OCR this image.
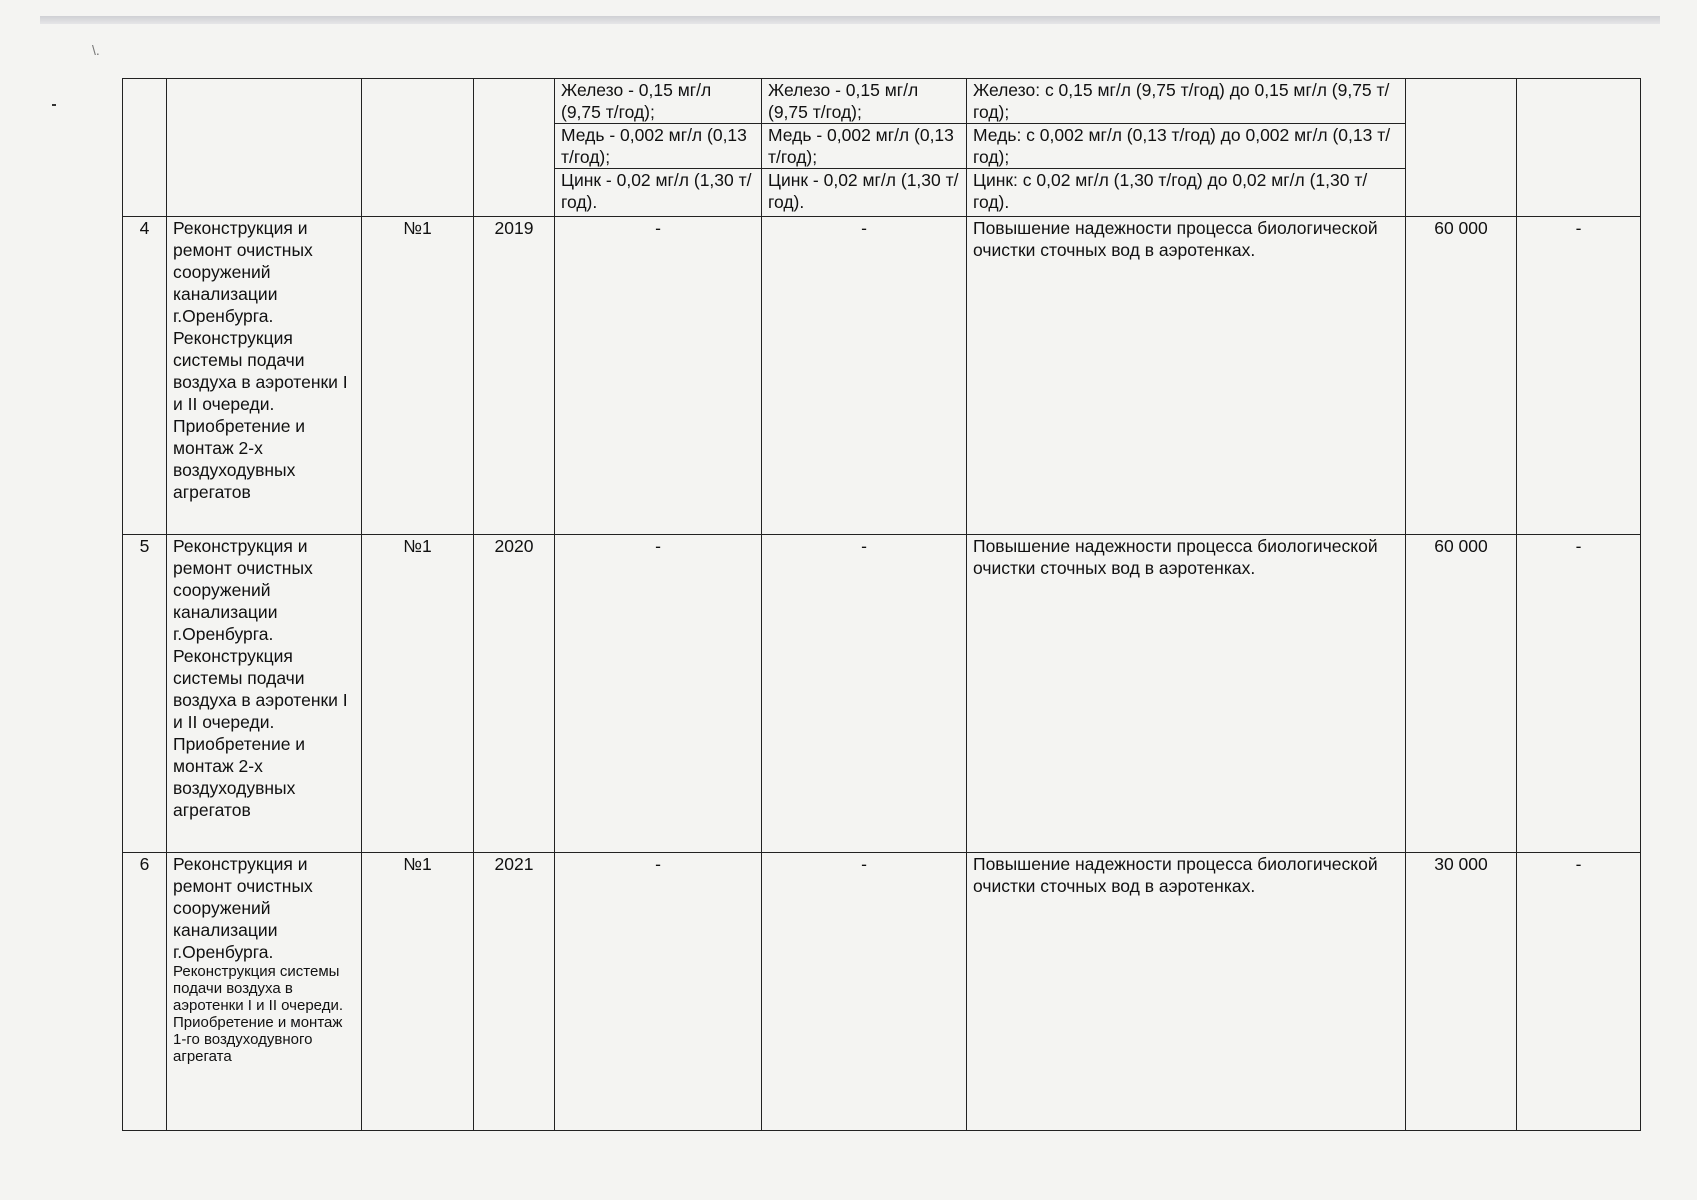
\.

				Железо - 0,15 мг/л (9,75 т/год);
Медь - 0,002 мг/л (0,13 т/год);
Цинк - 0,02 мг/л (1,30 т/год).	Железо - 0,15 мг/л (9,75 т/год);
Медь - 0,002 мг/л (0,13 т/год);
Цинк - 0,02 мг/л (1,30 т/год).	Железо: с 0,15 мг/л (9,75 т/год) до 0,15 мг/л (9,75 т/год);
Медь: с 0,002 мг/л (0,13 т/год) до 0,002 мг/л (0,13 т/год);
Цинк: с 0,02 мг/л (1,30 т/год) до 0,02 мг/л (1,30 т/год).		

4	Реконструкция и ремонт очистных сооружений канализации г.Оренбурга. Реконструкция системы подачи воздуха в аэротенки I и II очереди. Приобретение и монтаж 2-х воздуходувных агрегатов	№1	2019	-	-	Повышение надежности процесса биологической очистки сточных вод в аэротенках.	60 000	-
5	Реконструкция и ремонт очистных сооружений канализации г.Оренбурга. Реконструкция системы подачи воздуха в аэротенки I и II очереди. Приобретение и монтаж 2-х воздуходувных агрегатов	№1	2020	-	-	Повышение надежности процесса биологической очистки сточных вод в аэротенках.	60 000	-
6	Реконструкция и ремонт очистных сооружений канализации г.Оренбурга.
Реконструкция системы подачи воздуха в аэротенки I и II очереди. Приобретение и монтаж 1-го воздуходувного агрегата	№1	2021	-	-	Повышение надежности процесса биологической очистки сточных вод в аэротенках.	30 000	-
